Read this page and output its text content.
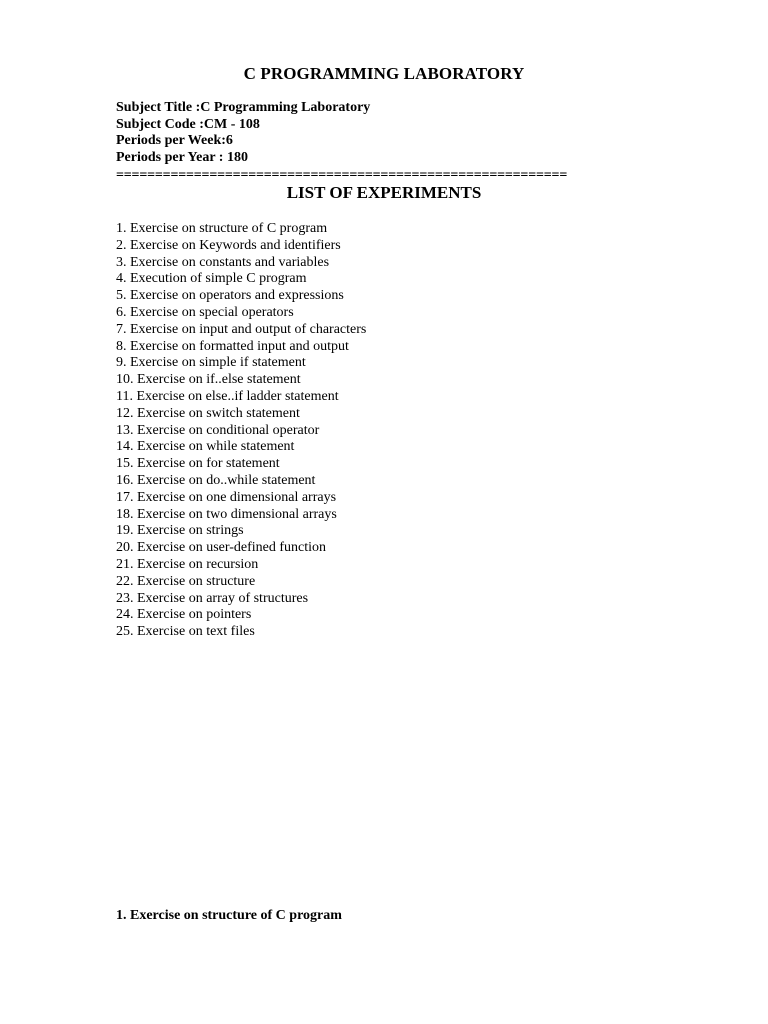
C PROGRAMMING LABORATORY
Subject Title :C Programming Laboratory
Subject Code :CM - 108
Periods per Week:6
Periods per Year : 180
==========================================================
LIST OF EXPERIMENTS
1. Exercise on structure of C program
2. Exercise on Keywords and identifiers
3. Exercise on constants and variables
4. Execution of simple C program
5. Exercise on operators and expressions
6. Exercise on special operators
7. Exercise on input and output of characters
8. Exercise on formatted input and output
9. Exercise on simple if statement
10. Exercise on if..else statement
11. Exercise on else..if ladder statement
12. Exercise on switch statement
13. Exercise on conditional operator
14. Exercise on while statement
15. Exercise on for statement
16. Exercise on do..while statement
17. Exercise on one dimensional arrays
18. Exercise on two dimensional arrays
19. Exercise on strings
20. Exercise on user-defined function
21. Exercise on recursion
22. Exercise on structure
23. Exercise on array of structures
24. Exercise on pointers
25. Exercise on text files
1. Exercise on structure of C program
